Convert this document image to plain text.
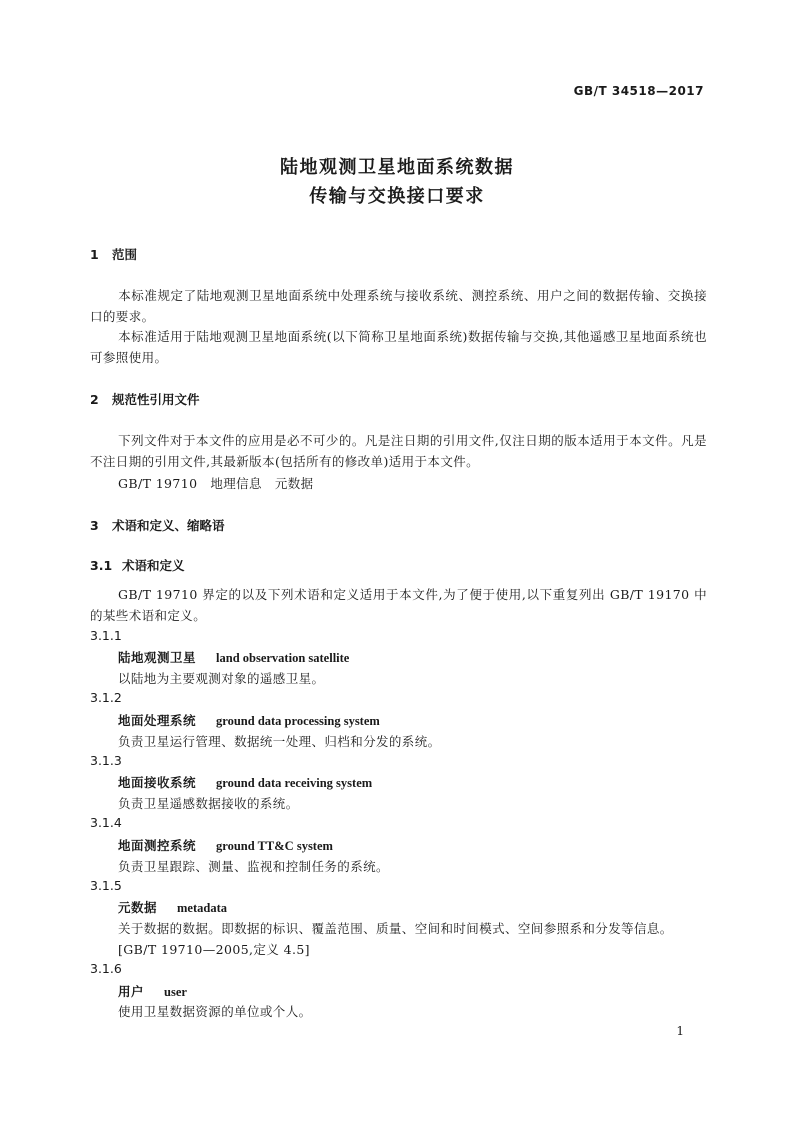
GB/T 34518—2017
陆地观测卫星地面系统数据
传输与交换接口要求
1 范围
本标准规定了陆地观测卫星地面系统中处理系统与接收系统、测控系统、用户之间的数据传输、交换接口的要求。
本标准适用于陆地观测卫星地面系统(以下简称卫星地面系统)数据传输与交换,其他遥感卫星地面系统也可参照使用。
2 规范性引用文件
下列文件对于本文件的应用是必不可少的。凡是注日期的引用文件,仅注日期的版本适用于本文件。凡是不注日期的引用文件,其最新版本(包括所有的修改单)适用于本文件。
GB/T 19710　地理信息　元数据
3 术语和定义、缩略语
3.1 术语和定义
GB/T 19710 界定的以及下列术语和定义适用于本文件,为了便于使用,以下重复列出 GB/T 19170 中的某些术语和定义。
3.1.1
陆地观测卫星 land observation satellite
以陆地为主要观测对象的遥感卫星。
3.1.2
地面处理系统 ground data processing system
负责卫星运行管理、数据统一处理、归档和分发的系统。
3.1.3
地面接收系统 ground data receiving system
负责卫星遥感数据接收的系统。
3.1.4
地面测控系统 ground TT&C system
负责卫星跟踪、测量、监视和控制任务的系统。
3.1.5
元数据 metadata
关于数据的数据。即数据的标识、覆盖范围、质量、空间和时间模式、空间参照系和分发等信息。
[GB/T 19710—2005,定义 4.5]
3.1.6
用户 user
使用卫星数据资源的单位或个人。
1
